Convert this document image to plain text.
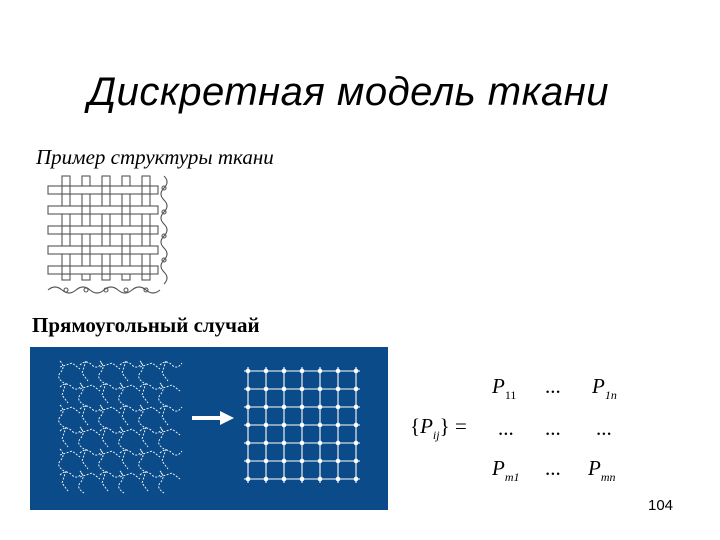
Дискретная модель ткани
Пример структуры ткани
Прямоугольный случай
$\{P_{ij}\}$ =
$P_{11}$ ... $P_{1n}$
... ... ...
$P_{m1}$ ... $P_{mn}$
104
